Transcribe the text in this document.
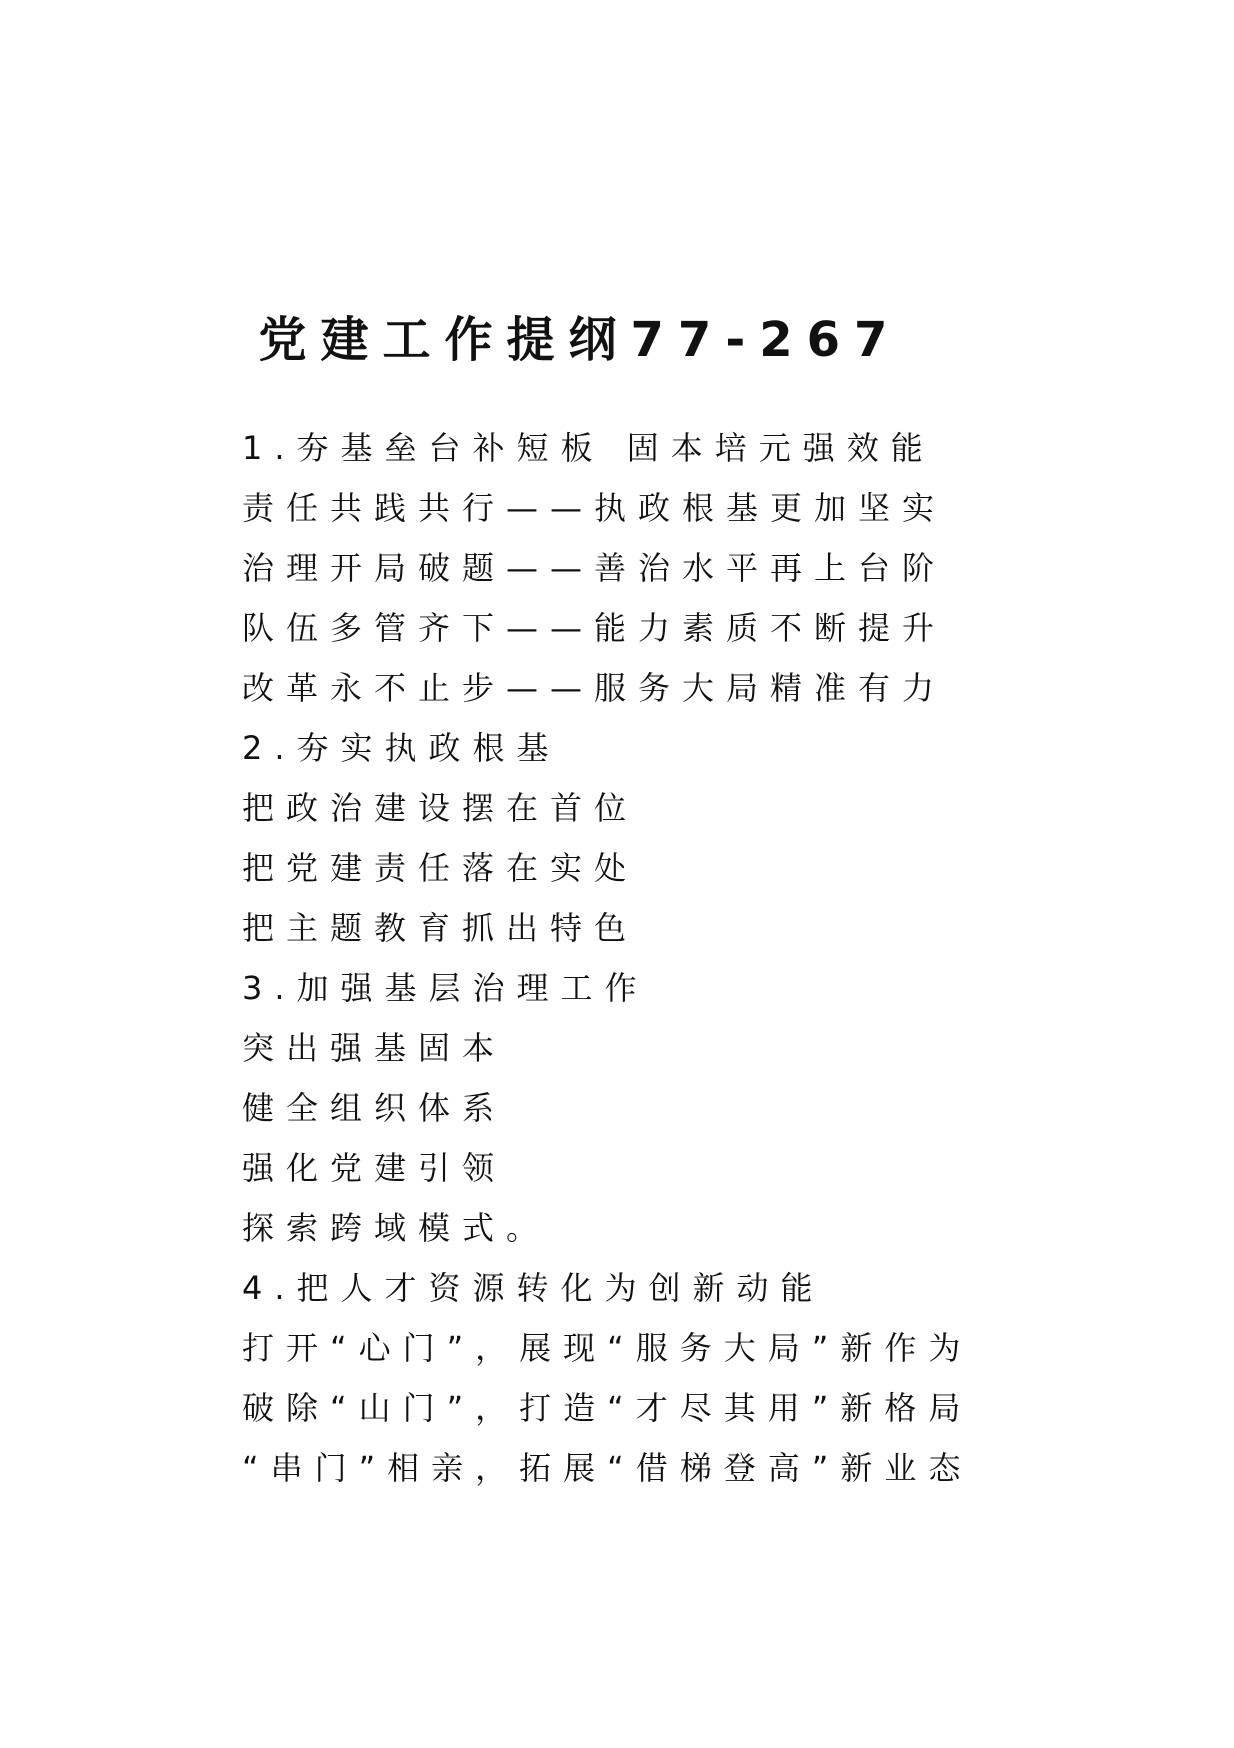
党建工作提纲77-267
1.夯基垒台补短板 固本培元强效能
责任共践共行——执政根基更加坚实
治理开局破题——善治水平再上台阶
队伍多管齐下——能力素质不断提升
改革永不止步——服务大局精准有力
2.夯实执政根基
把政治建设摆在首位
把党建责任落在实处
把主题教育抓出特色
3.加强基层治理工作
突出强基固本
健全组织体系
强化党建引领
探索跨域模式。
4.把人才资源转化为创新动能
打开“心门”，展现“服务大局”新作为
破除“山门”，打造“才尽其用”新格局
“串门”相亲，拓展“借梯登高”新业态
